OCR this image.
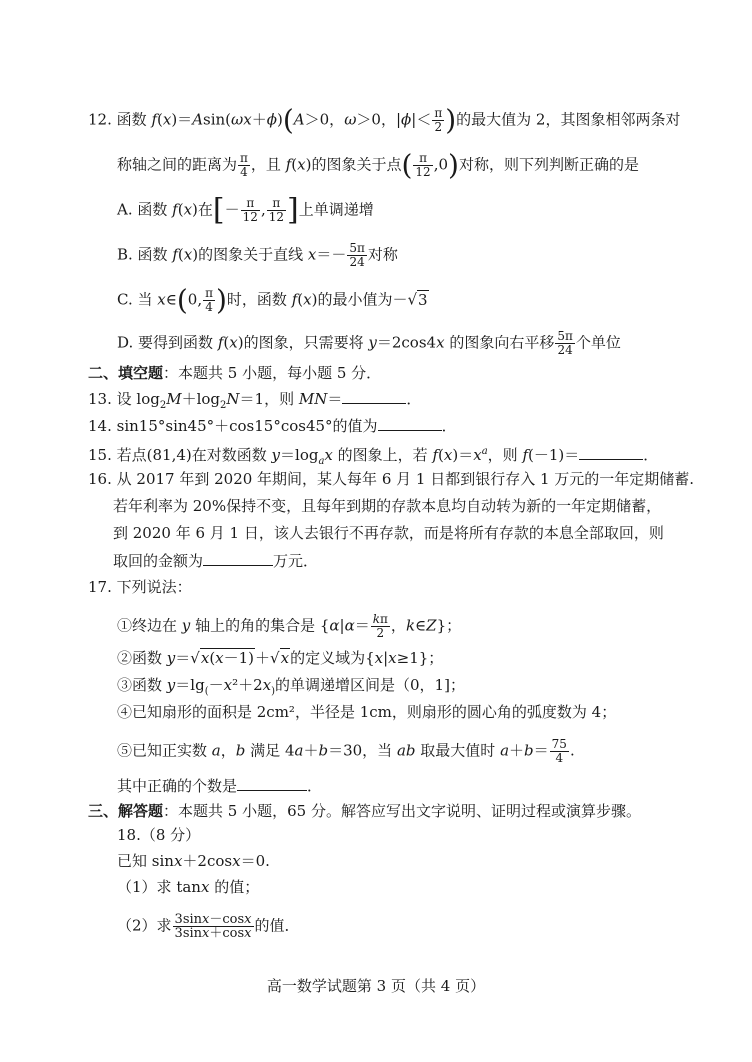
12. 函数 f(x)＝Asin(ωx＋ϕ)(A＞0，ω＞0，$|\phi|< \frac{\pi}{2}$ )的最大值为 2，其图象相邻两条对
称轴之间的距离为 $\frac{\pi}{4}$ ，且 f(x)的图象关于点( $\frac{\pi}{12} ,0$)对称，则下列判断正确的是
A. 函数 f(x)在[－ $\frac{\pi}{12}$ , $\frac{\pi}{12}$ ]上单调递增
B. 函数 f(x)的图象关于直线 $x=- \frac{5\pi}{24}$ 对称
C. 当 x∈(0, $\frac{\pi}{4}$ )时，函数 f(x)的最小值为－√3
D. 要得到函数 f(x)的图象，只需要将 y＝2cos4x 的图象向右平移 $\frac{5\pi}{24}$ 个单位
二、填空题：本题共 5 小题，每小题 5 分．
13. 设 $\log_2M+\log_2N=1$，则 MN＝	．
14. sin15°sin45°＋cos15°cos45°的值为	．
15. 若点(81,4)在对数函数 $y=\log_ax$ 的图象上，若 $f(x)=x^a$，则 f(－1)＝	．
16. 从 2017 年到 2020 年期间，某人每年 6 月 1 日都到银行存入 1 万元的一年定期储蓄.
若年利率为 20%保持不变，且每年到期的存款本息均自动转为新的一年定期储蓄，
到 2020 年 6 月 1 日，该人去银行不再存款，而是将所有存款的本息全部取回，则
取回的金额为	万元．
17. 下列说法：
①终边在 y 轴上的角的集合是 {$\alpha|\alpha= \frac{k\pi}{2}$ ，k∈Z}；
②函数 y＝√x(x－1)＋√x的定义域为{x|x≥1}；
③函数 $y=\lg_(-x^2+2x_)$的单调递增区间是（0，1]；
④已知扇形的面积是 2cm²，半径是 1cm，则扇形的圆心角的弧度数为 4；
⑤已知正实数 a，b 满足 4a＋b＝30，当 ab 取最大值时 $a+b= \frac{75}{4}$ .
其中正确的个数是	．
三、解答题：本题共 5 小题，65 分。解答应写出文字说明、证明过程或演算步骤。
18.（8 分）
已知 sinx＋2cosx＝0.
（1）求 tanx 的值；
（2）求 $\frac{3\sin x-\cos x}{3\sin x+\cos x}$ 的值．
高一数学试题第 3 页（共 4 页）
